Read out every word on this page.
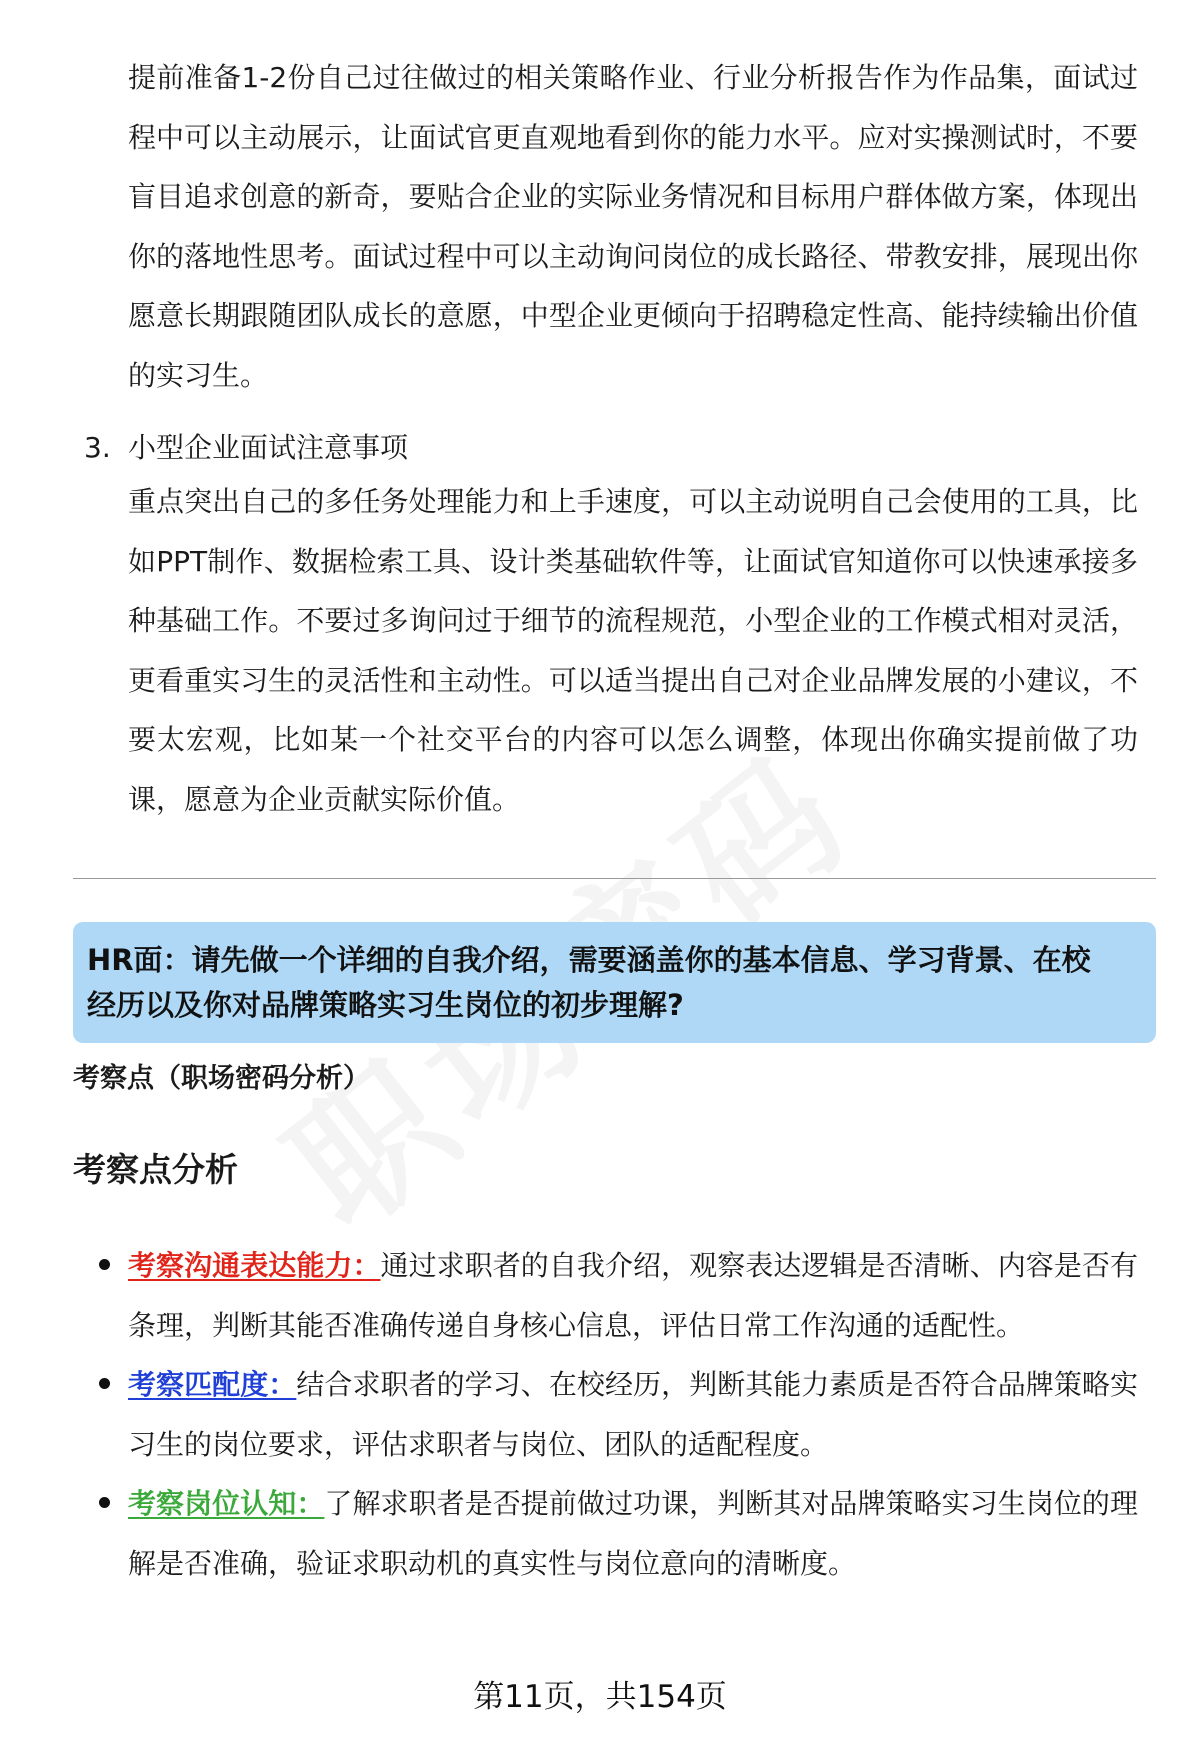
提前准备1-2份自己过往做过的相关策略作业、行业分析报告作为作品集，面试过程中可以主动展示，让面试官更直观地看到你的能力水平。应对实操测试时，不要盲目追求创意的新奇，要贴合企业的实际业务情况和目标用户群体做方案，体现出你的落地性思考。面试过程中可以主动询问岗位的成长路径、带教安排，展现出你愿意长期跟随团队成长的意愿，中型企业更倾向于招聘稳定性高、能持续输出价值的实习生。

3. 小型企业面试注意事项

重点突出自己的多任务处理能力和上手速度，可以主动说明自己会使用的工具，比如PPT制作、数据检索工具、设计类基础软件等，让面试官知道你可以快速承接多种基础工作。不要过多询问过于细节的流程规范，小型企业的工作模式相对灵活，更看重实习生的灵活性和主动性。可以适当提出自己对企业品牌发展的小建议，不要太宏观，比如某一个社交平台的内容可以怎么调整，体现出你确实提前做了功课，愿意为企业贡献实际价值。

HR面：请先做一个详细的自我介绍，需要涵盖你的基本信息、学习背景、在校

经历以及你对品牌策略实习生岗位的初步理解?

考察点（职场密码分析）
考察点分析
考察沟通表达能力：通过求职者的自我介绍，观察表达逻辑是否清晰、内容是否有条理，判断其能否准确传递自身核心信息，评估日常工作沟通的适配性。
考察匹配度：结合求职者的学习、在校经历，判断其能力素质是否符合品牌策略实习生的岗位要求，评估求职者与岗位、团队的适配程度。
考察岗位认知：了解求职者是否提前做过功课，判断其对品牌策略实习生岗位的理解是否准确，验证求职动机的真实性与岗位意向的清晰度。
第11页，共154页
